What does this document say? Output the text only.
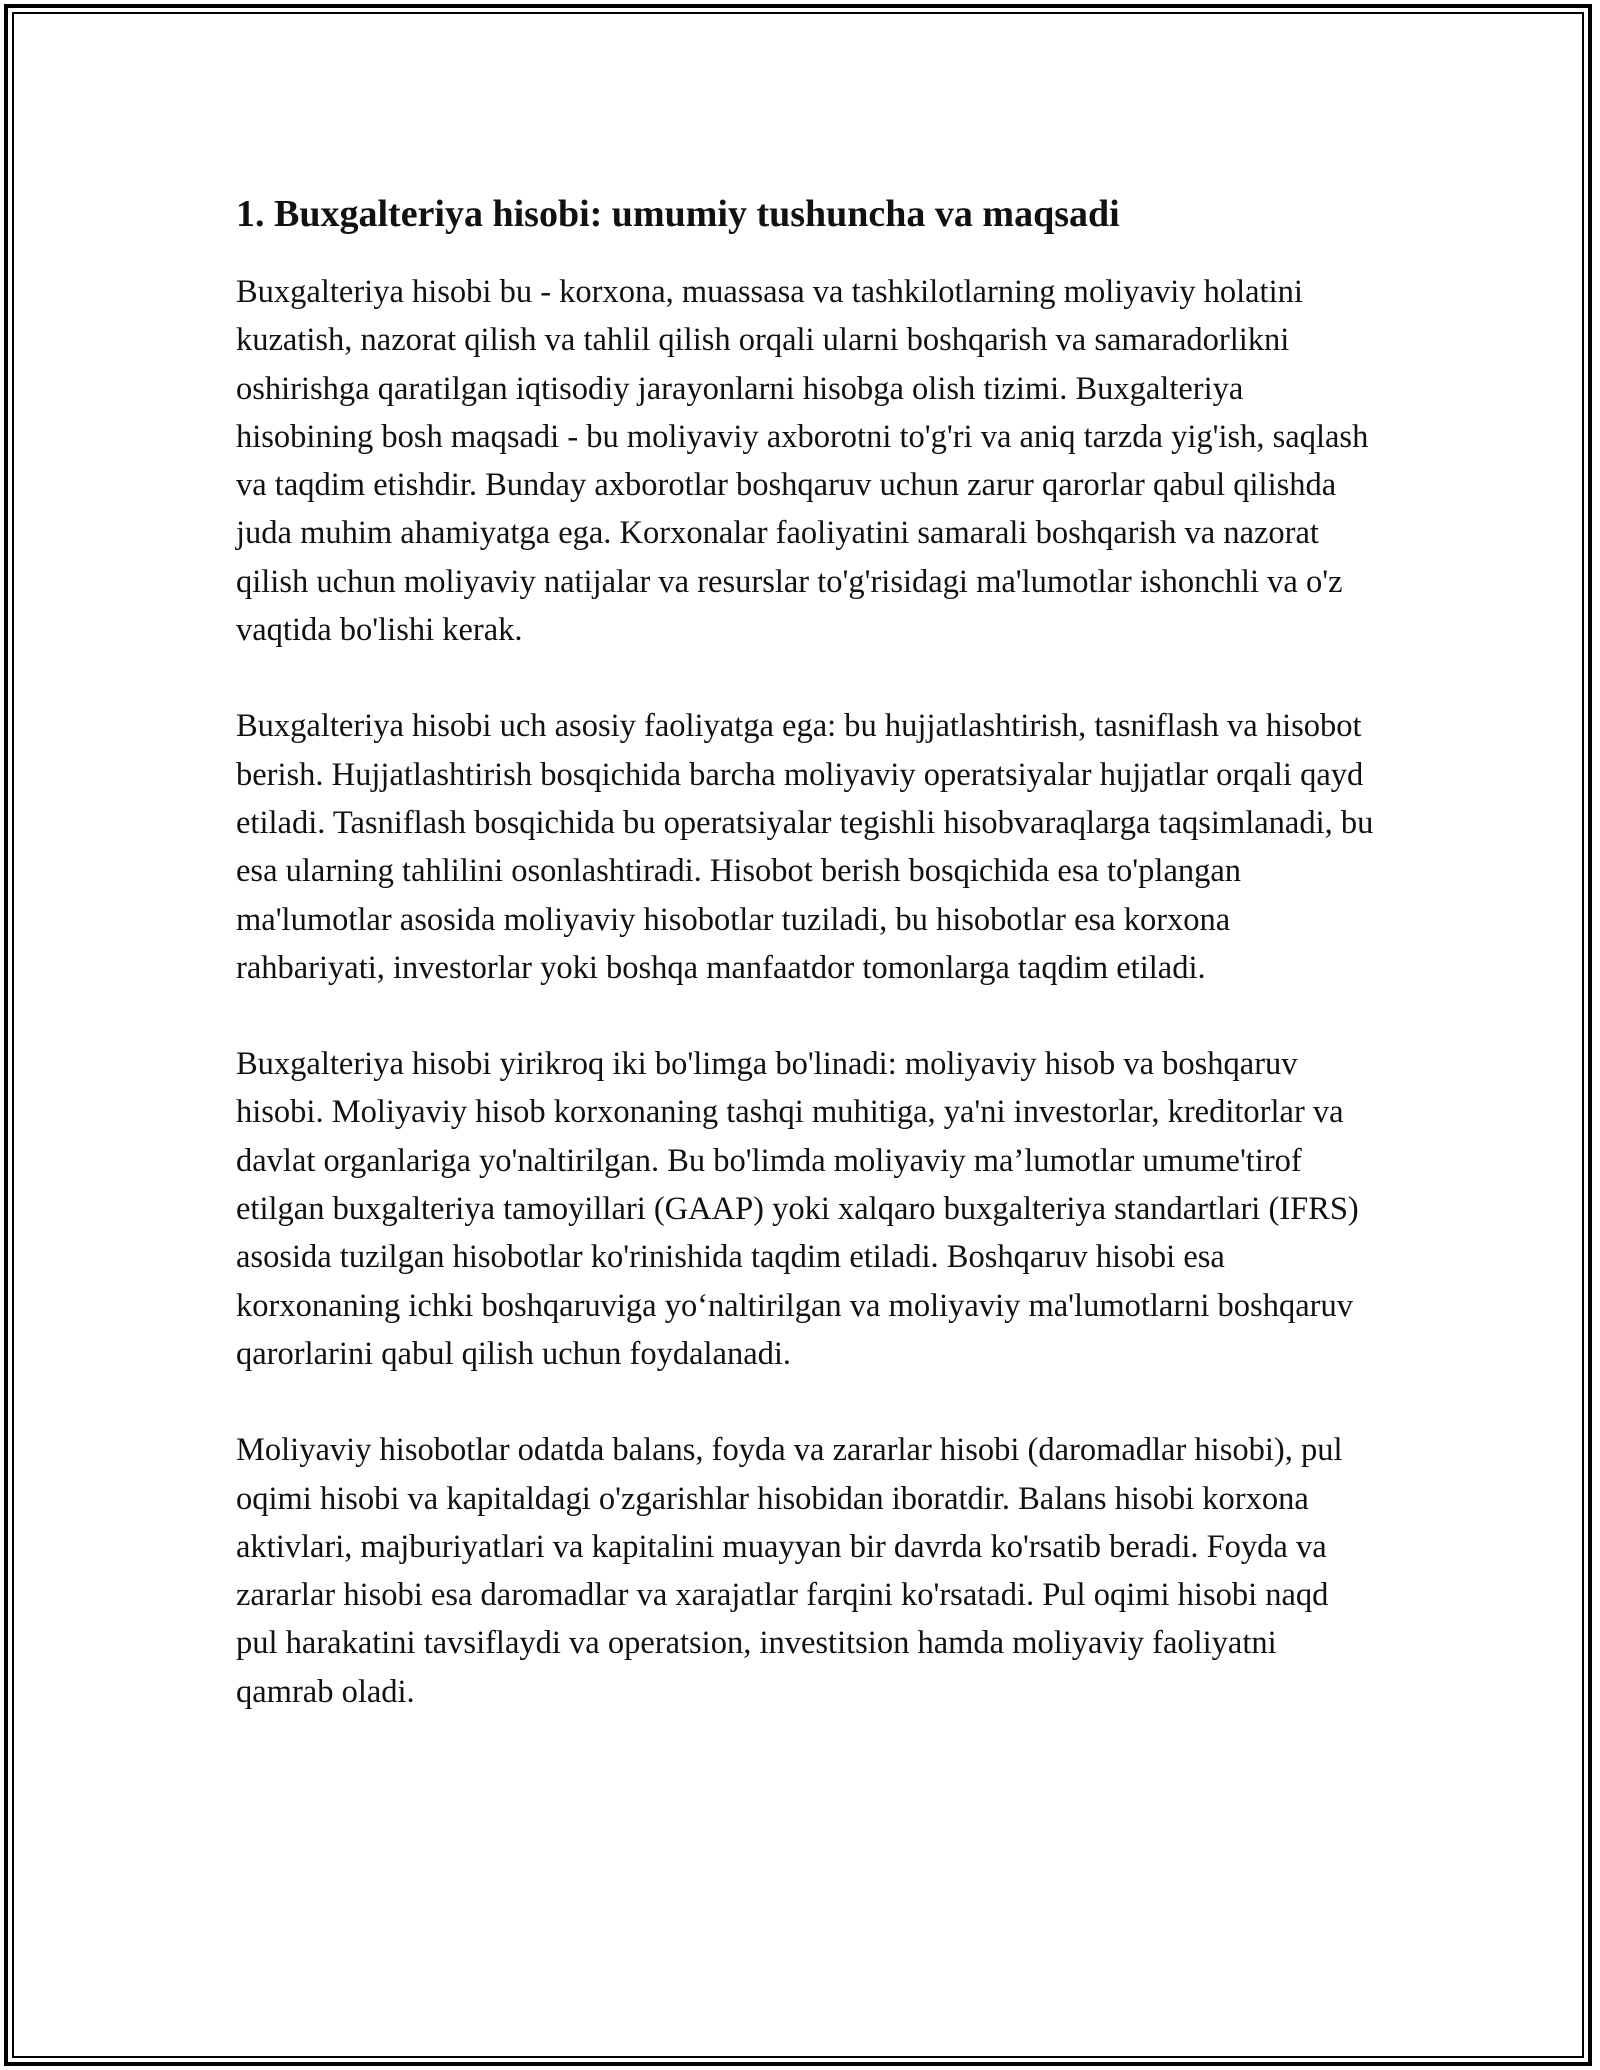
1. Buxgalteriya hisobi: umumiy tushuncha va maqsadi

Buxgalteriya hisobi bu - korxona, muassasa va tashkilotlarning moliyaviy holatini kuzatish, nazorat qilish va tahlil qilish orqali ularni boshqarish va samaradorlikni oshirishga qaratilgan iqtisodiy jarayonlarni hisobga olish tizimi. Buxgalteriya hisobining bosh maqsadi - bu moliyaviy axborotni to'g'ri va aniq tarzda yig'ish, saqlash va taqdim etishdir. Bunday axborotlar boshqaruv uchun zarur qarorlar qabul qilishda juda muhim ahamiyatga ega. Korxonalar faoliyatini samarali boshqarish va nazorat qilish uchun moliyaviy natijalar va resurslar to'g'risidagi ma'lumotlar ishonchli va o'z vaqtida bo'lishi kerak.

Buxgalteriya hisobi uch asosiy faoliyatga ega: bu hujjatlashtirish, tasniflash va hisobot berish. Hujjatlashtirish bosqichida barcha moliyaviy operatsiyalar hujjatlar orqali qayd etiladi. Tasniflash bosqichida bu operatsiyalar tegishli hisobvaraqlarga taqsimlanadi, bu esa ularning tahlilini osonlashtiradi. Hisobot berish bosqichida esa to'plangan ma'lumotlar asosida moliyaviy hisobotlar tuziladi, bu hisobotlar esa korxona rahbariyati, investorlar yoki boshqa manfaatdor tomonlarga taqdim etiladi.

Buxgalteriya hisobi yirikroq iki bo'limga bo'linadi: moliyaviy hisob va boshqaruv hisobi. Moliyaviy hisob korxonaning tashqi muhitiga, ya'ni investorlar, kreditorlar va davlat organlariga yo'naltirilgan. Bu bo'limda moliyaviy ma’lumotlar umume'tirof etilgan buxgalteriya tamoyillari (GAAP) yoki xalqaro buxgalteriya standartlari (IFRS) asosida tuzilgan hisobotlar ko'rinishida taqdim etiladi. Boshqaruv hisobi esa korxonaning ichki boshqaruviga yo‘naltirilgan va moliyaviy ma'lumotlarni boshqaruv qarorlarini qabul qilish uchun foydalanadi.

Moliyaviy hisobotlar odatda balans, foyda va zararlar hisobi (daromadlar hisobi), pul oqimi hisobi va kapitaldagi o'zgarishlar hisobidan iboratdir. Balans hisobi korxona aktivlari, majburiyatlari va kapitalini muayyan bir davrda ko'rsatib beradi. Foyda va zararlar hisobi esa daromadlar va xarajatlar farqini ko'rsatadi. Pul oqimi hisobi naqd pul harakatini tavsiflaydi va operatsion, investitsion hamda moliyaviy faoliyatni qamrab oladi.
